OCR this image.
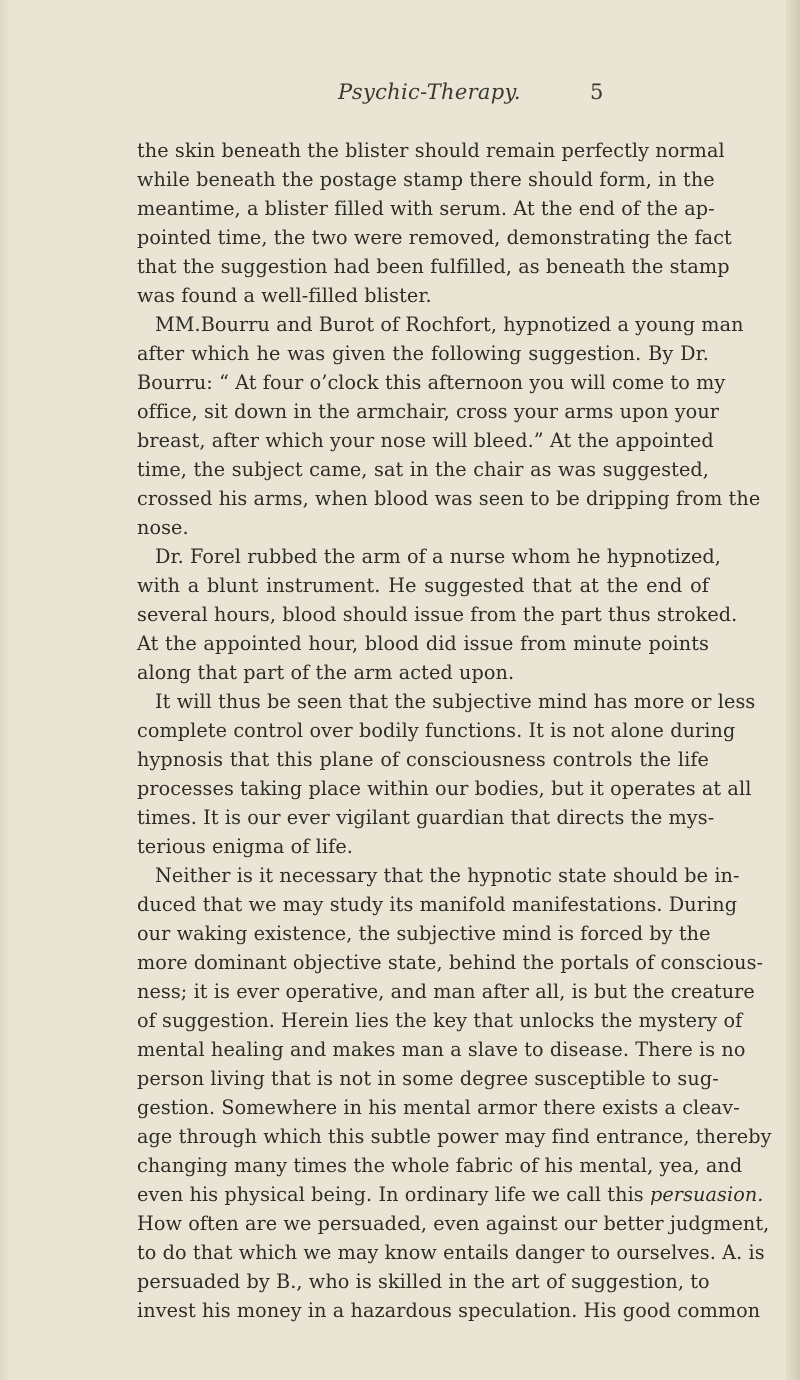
Psychic-Therapy.	5
the skin beneath the blister should remain perfectly normal
while beneath the postage stamp there should form, in the
meantime, a blister filled with serum. At the end of the ap-
pointed time, the two were removed, demonstrating the fact
that the suggestion had been fulfilled, as beneath the stamp
was found a well-filled blister.
MM.Bourru and Burot of Rochfort, hypnotized a young man
after which he was given the following suggestion. By Dr.
Bourru: “ At four o’clock this afternoon you will come to my
office, sit down in the armchair, cross your arms upon your
breast, after which your nose will bleed.” At the appointed
time, the subject came, sat in the chair as was suggested,
crossed his arms, when blood was seen to be dripping from the
nose.
Dr. Forel rubbed the arm of a nurse whom he hypnotized,
with a blunt instrument. He suggested that at the end of
several hours, blood should issue from the part thus stroked.
At the appointed hour, blood did issue from minute points
along that part of the arm acted upon.
It will thus be seen that the subjective mind has more or less
complete control over bodily functions. It is not alone during
hypnosis that this plane of consciousness controls the life
processes taking place within our bodies, but it operates at all
times. It is our ever vigilant guardian that directs the mys-
terious enigma of life.
Neither is it necessary that the hypnotic state should be in-
duced that we may study its manifold manifestations. During
our waking existence, the subjective mind is forced by the
more dominant objective state, behind the portals of conscious-
ness; it is ever operative, and man after all, is but the creature
of suggestion. Herein lies the key that unlocks the mystery of
mental healing and makes man a slave to disease. There is no
person living that is not in some degree susceptible to sug-
gestion. Somewhere in his mental armor there exists a cleav-
age through which this subtle power may find entrance, thereby
changing many times the whole fabric of his mental, yea, and
even his physical being. In ordinary life we call this persuasion.
How often are we persuaded, even against our better judgment,
to do that which we may know entails danger to ourselves. A. is
persuaded by B., who is skilled in the art of suggestion, to
invest his money in a hazardous speculation. His good common
